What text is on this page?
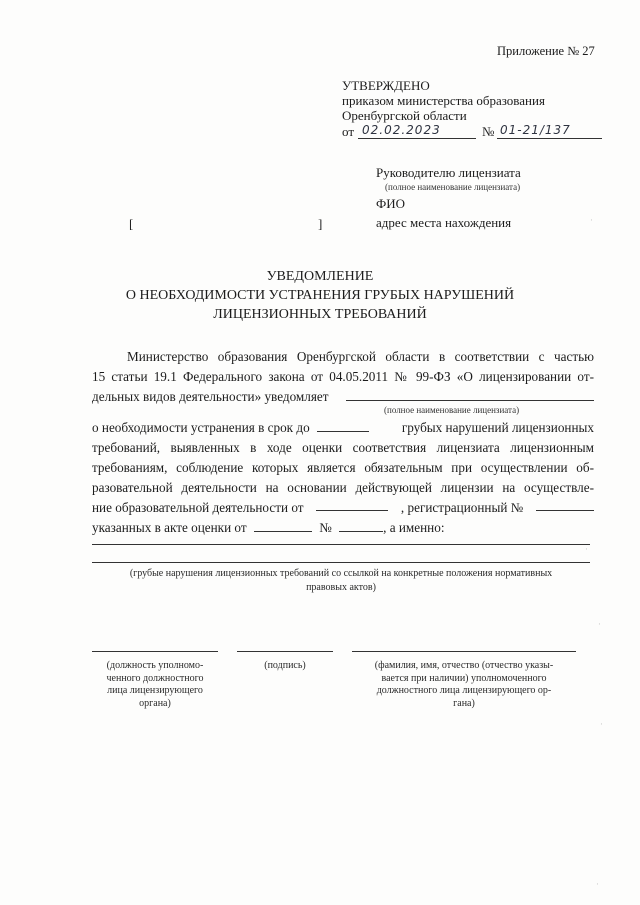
Приложение № 27
УТВЕРЖДЕНО
приказом министерства образования
Оренбургской области
от 02.02.2023	№ 01-21/137
Руководителю лицензиата
(полное наименование лицензиата)
ФИО
[	]	адрес места нахождения
УВЕДОМЛЕНИЕ
О НЕОБХОДИМОСТИ УСТРАНЕНИЯ ГРУБЫХ НАРУШЕНИЙ
ЛИЦЕНЗИОННЫХ ТРЕБОВАНИЙ
Министерство образования Оренбургской области в соответствии с частью
15 статьи 19.1 Федерального закона от 04.05.2011 № 99-ФЗ «О лицензировании от-
дельных видов деятельности» уведомляет
(полное наименование лицензиата)
о необходимости устранения в срок до	грубых нарушений лицензионных
требований, выявленных в ходе оценки соответствия лицензиата лицензионным
требованиям, соблюдение которых является обязательным при осуществлении об-
разовательной деятельности на основании действующей лицензии на осуществле-
ние образовательной деятельности от	, регистрационный №
указанных в акте оценки от	№	, а именно:
(грубые нарушения лицензионных требований со ссылкой на конкретные положения нормативных
правовых актов)
(должность уполномо-
ченного должностного
лица лицензирующего
органа)
(подпись)	(фамилия, имя, отчество (отчество указы-
вается при наличии) уполномоченного
должностного лица лицензирующего ор-
гана)
·
·
·
·
·
